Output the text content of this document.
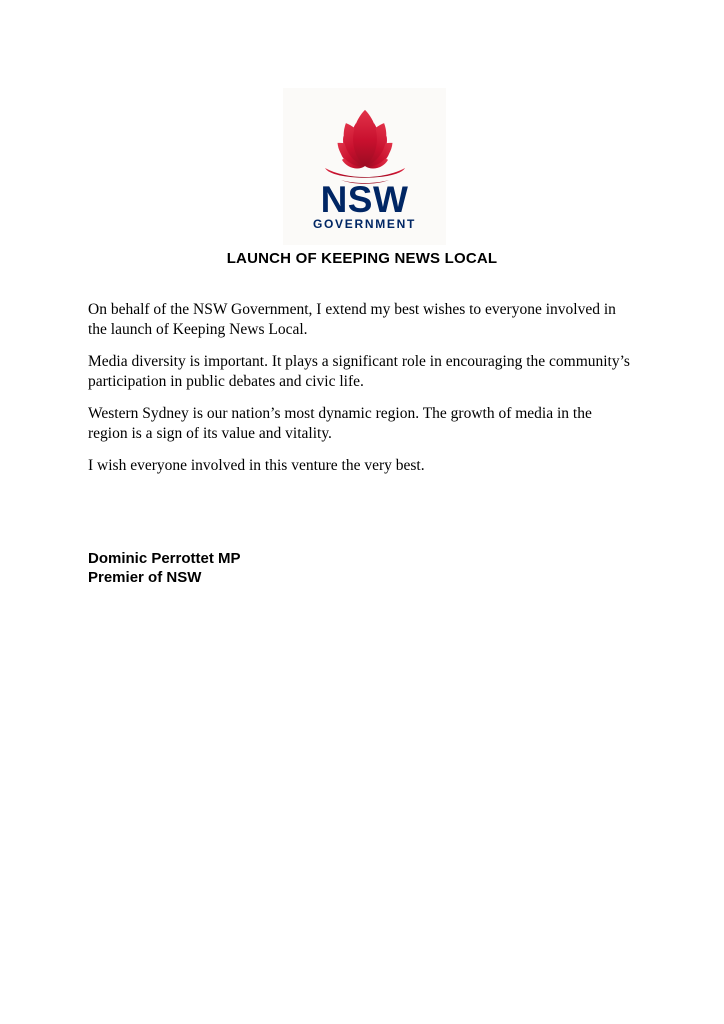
NSW
GOVERNMENT
LAUNCH OF KEEPING NEWS LOCAL

On behalf of the NSW Government, I extend my best wishes to everyone involved in the launch of Keeping News Local.

Media diversity is important. It plays a significant role in encouraging the community’s participation in public debates and civic life.

Western Sydney is our nation’s most dynamic region. The growth of media in the region is a sign of its value and vitality.

I wish everyone involved in this venture the very best.

Dominic Perrottet MP
Premier of NSW
